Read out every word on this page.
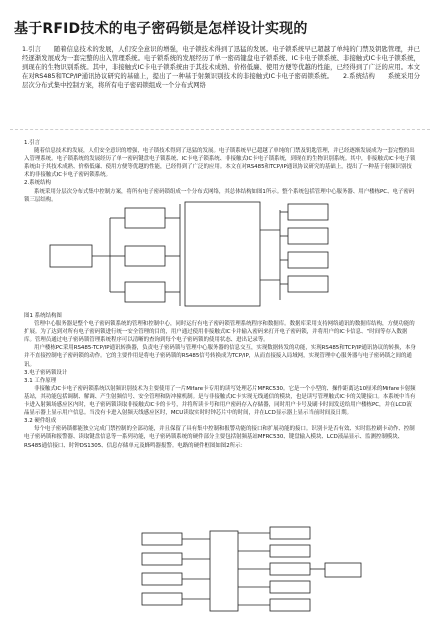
基于RFID技术的电子密码锁是怎样设计实现的

1.引言　　随着信息技术的发展，人们安全意识的增强，电子锁技术得到了迅猛的发展。电子锁系统早已超越了单纯的门禁及钥匙管理，并已经逐渐发展成为一套完整的出入管理系统。电子锁系统的发展经历了单一密码键盘电子锁系统、IC卡电子锁系统、非接触式IC卡电子锁系统，到现在的生物识别系统。其中，非接触式IC卡电子锁系统由于其技术成熟、价格低廉、使用方便等优越的性能，已经得到了广泛的应用。本文在对RS485和TCP/IP通讯协议研究的基础上，提出了一种基于射频识别技术的非接触式IC卡电子密码锁系统。　　2.系统结构　　系统采用分层次分布式集中控制方案，将所有电子密码锁组成一个分布式网络

1.引言

随着信息技术的发展，人们安全意识的增强，电子锁技术得到了迅猛的发展。电子锁系统早已超越了单纯的门禁及钥匙管理，并已经逐渐发展成为一套完整的出入管理系统。电子锁系统的发展经历了单一密码键盘电子锁系统、IC卡电子锁系统、非接触式IC卡电子锁系统，到现在的生物识别系统。其中，非接触式IC卡电子锁系统由于其技术成熟、价格低廉、使用方便等优越的性能，已经得到了广泛的应用。本文在对RS485和TCP/IP通讯协议研究的基础上，提出了一种基于射频识别技术的非接触式IC卡电子密码锁系统。

2.系统结构

系统采用分层次分布式集中控制方案，将所有电子密码锁组成一个分布式网络，其总体结构如图1所示。整个系统包括管理中心服务器、用户楼栋PC、电子密码锁三层结构。

图1 系统结构图

管理中心服务器是整个电子密码锁系统的管理和控制中心，同时运行有电子密码锁管理系统程序和数据库。数据库采用支持网络通讯的数据库结构，方便功能的扩展。为了达到对所有电子密码锁进行统一安全管理的目的，用户通过使用非接触式IC卡并输入密码来打开电子密码锁，并将用户的IC卡信息、“时间等存入数据库。管理员通过电子密码锁管理系统程序可以清晰的查询到每个电子密码锁的使用状态、进出记录等。

用户楼栋PC采用RS485-TCP/IP通讯转换器，负责电子密码锁与管理中心服务器的信息交互，实现数据转发的功能，实现RS485和TCP/IP通讯协议的转换，本身并不直接控制电子密码锁的动作。它的主要作用是将电子密码锁的RS485信号转换成为TCP/IP，从而直接接入局域网，实现管理中心服务器与电子密码锁之间的通讯。

3.电子密码锁设计

3.1 工作原理

非接触式IC卡电子密码锁系统以射频识别技术为主要使用了一片Mifare卡专用的读写处理芯片MFRC530。它是一个小型的、操作距离达10厘米的Mifare卡射频基站，其功能包括调制、解调、产生射频信号、安全管理和防冲撞机制。是与非接触式IC卡实现无线通信的模块，也是读写管理触式IC卡的关键接口。本系统中当有卡进入射频场感应区内时，电子密码锁读取非接触式IC卡的卡号，并将所读卡号和用户密码存入存储器，同时用户卡号及刷卡时间发送给用户楼栋PC，并在LCD液晶显示器上显示用户信息。当没有卡进入射频天线感应区时，MCU读取实时时钟芯片中的时间，并在LCD显示器上显示当前时间及日期。

3.2 硬件组成

每个电子密码锁都能独立完成门禁控制的全部功能，并且保留了具有集中控制和报警功能的接口和扩展功能的接口。识别卡是否有效、实时监控刷卡动作、控制电子密码锁和报警器、读取键盘信息等一系列功能，电子密码锁系统的硬件部分主要包括射频基站MFRC530、键盘输入模块、LCD液晶显示、监测控制模块、RS485通信接口、时钟DS1305、信息存储单元及蜂鸣器报警。电路的硬件框图如图2所示：
